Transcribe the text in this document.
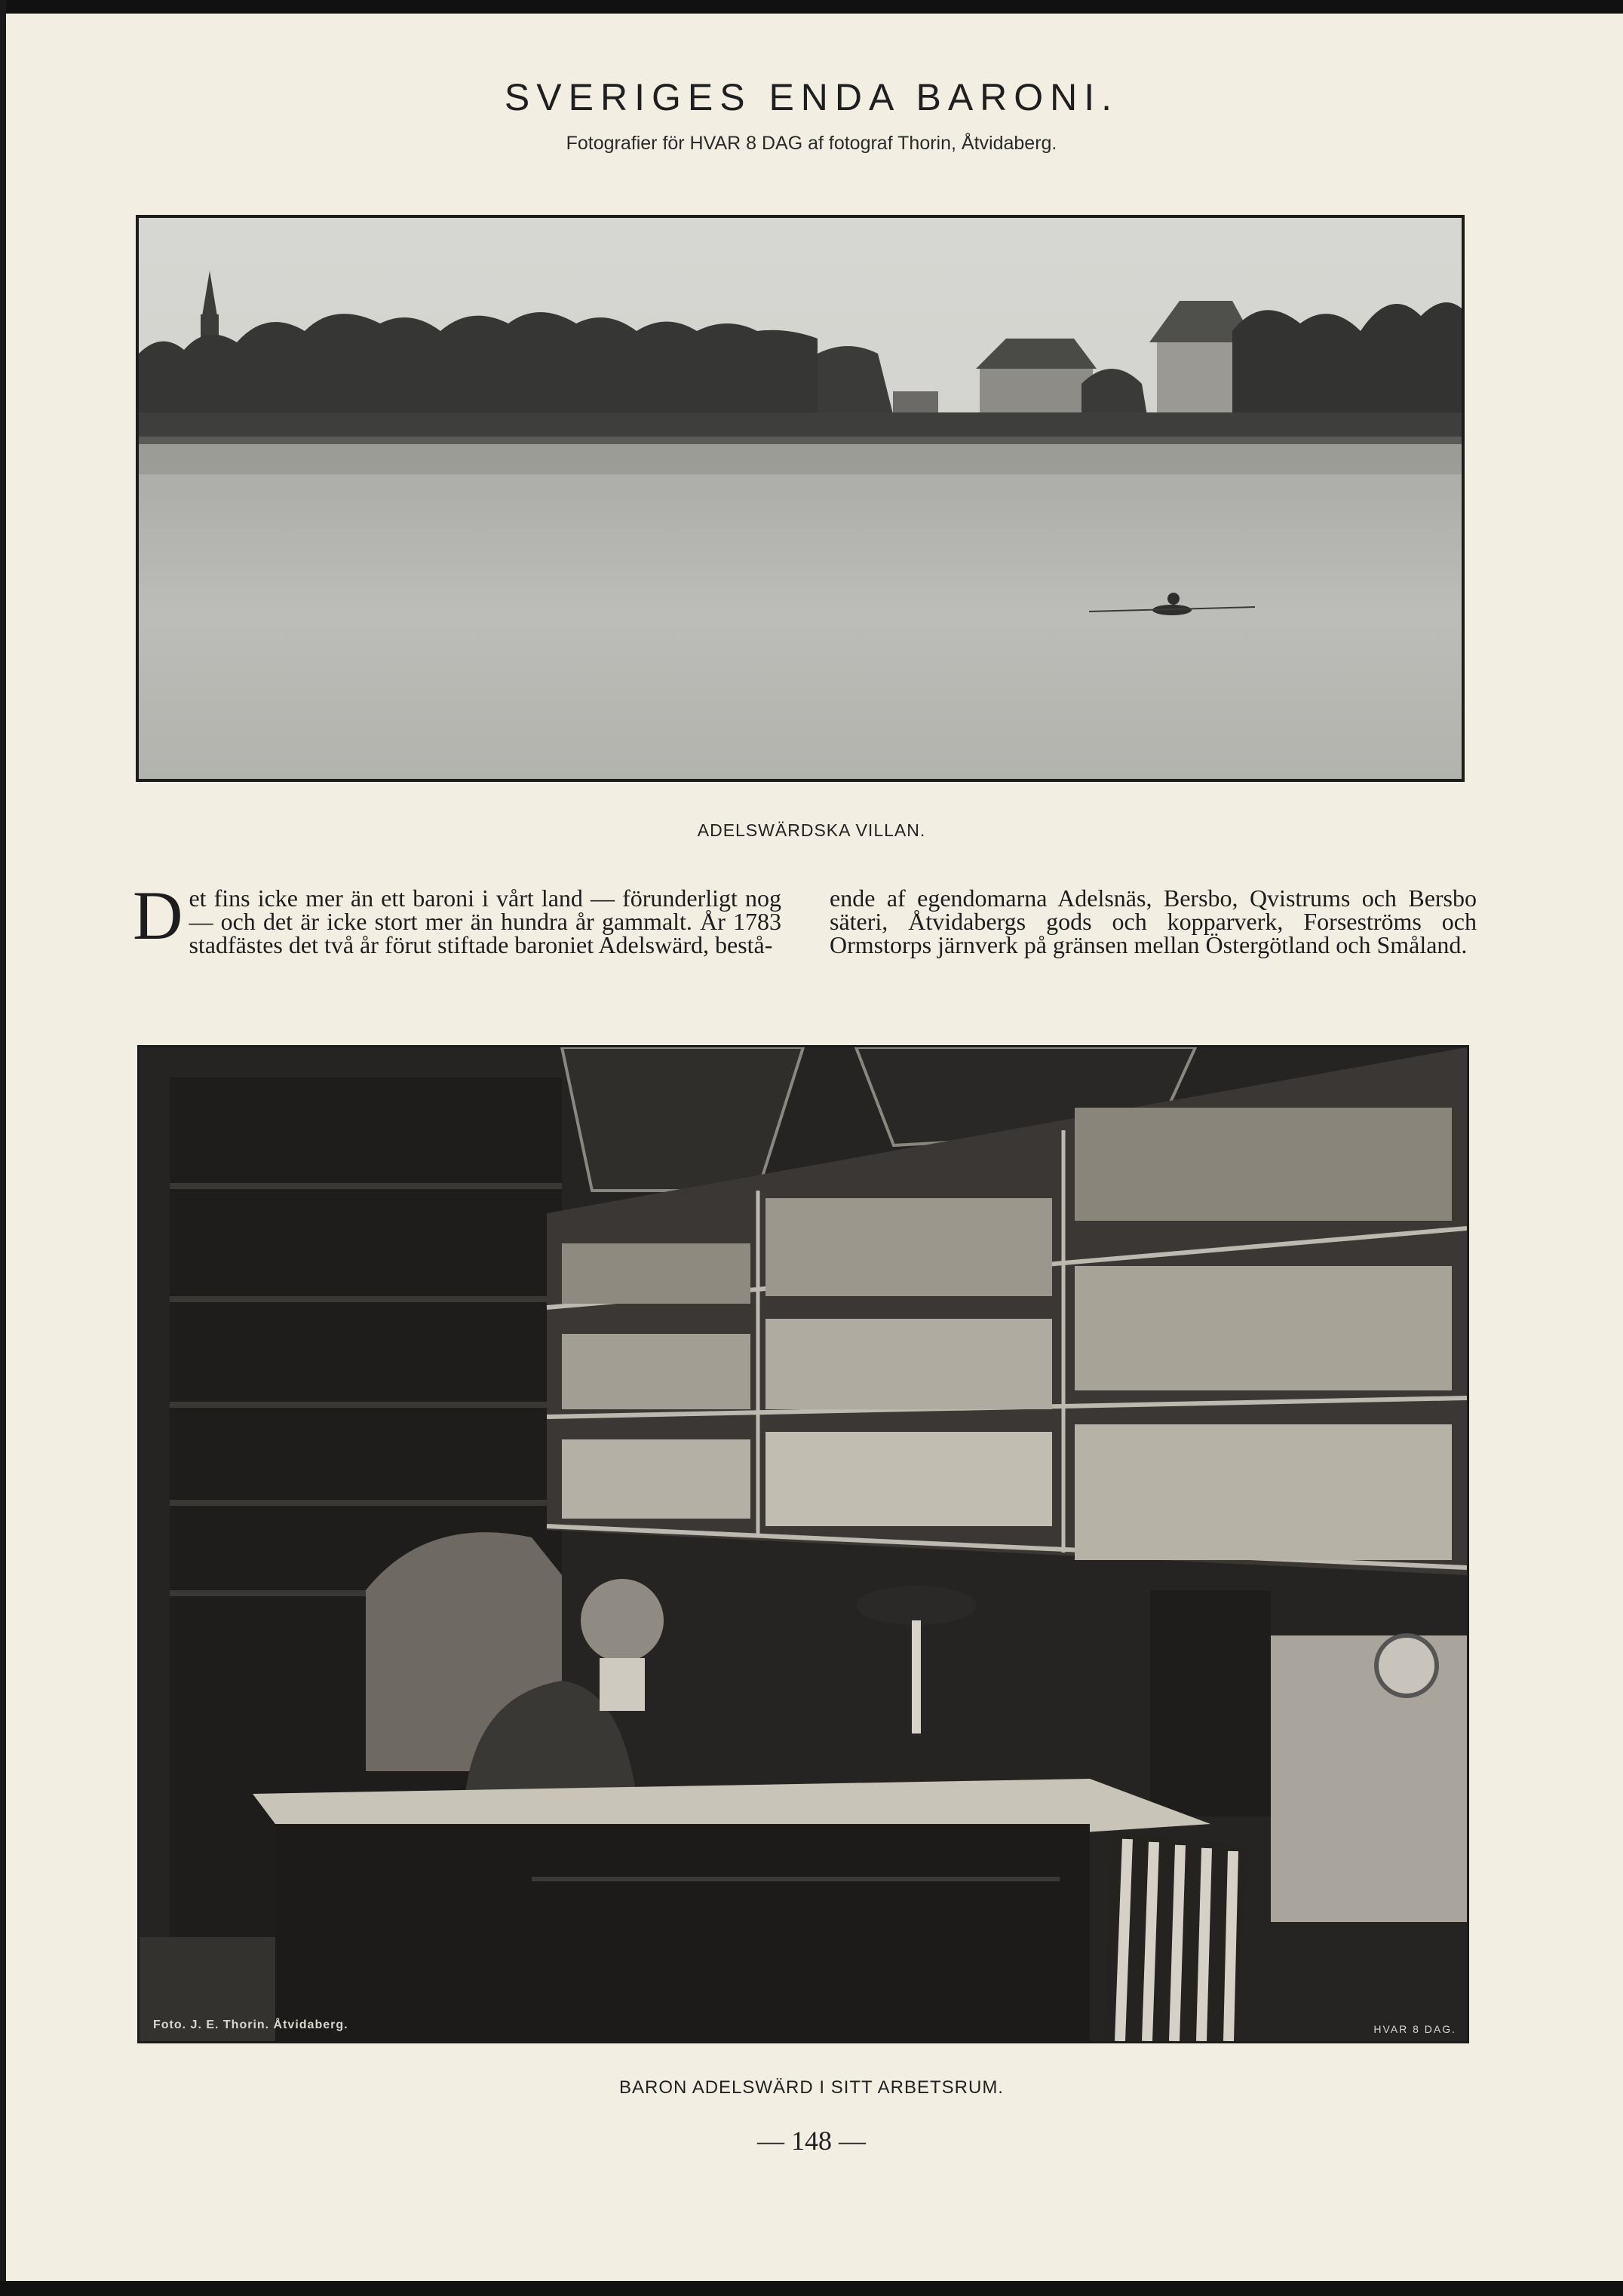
SVERIGES ENDA BARONI.
Fotografier för HVAR 8 DAG af fotograf Thorin, Åtvidaberg.
ADELSWÄRDSKA VILLAN.

Det fins icke mer än ett baroni i vårt land — förunderligt nog — och det är icke stort mer än hundra år gammalt. År 1783 stadfästes det två år förut stiftade baroniet Adelswärd, bestå-

ende af egendomarna Adelsnäs, Bersbo, Qvistrums och Bersbo säteri, Åtvidabergs gods och kopparverk, Forseströms och Ormstorps järnverk på gränsen mellan Östergötland och Småland.

Foto. J. E. Thorin. Åtvidaberg.	HVAR 8 DAG.
BARON ADELSWÄRD I SITT ARBETSRUM.
— 148 —
